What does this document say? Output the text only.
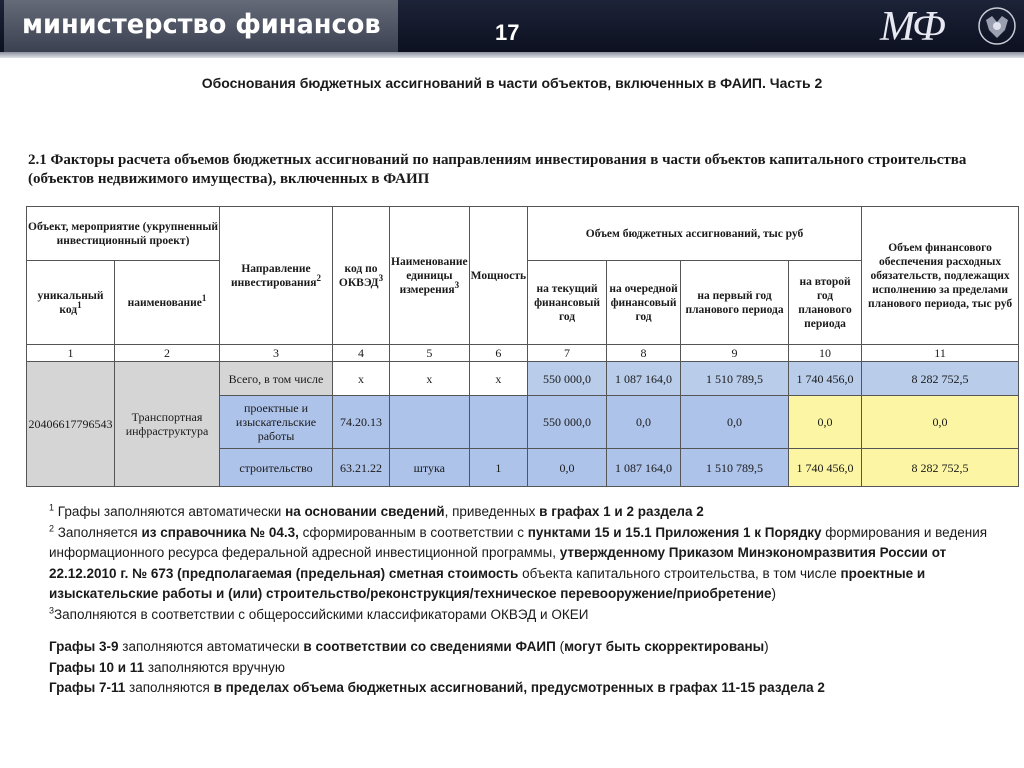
министерство финансов	17	МФ
Обоснования бюджетных ассигнований в части объектов, включенных в ФАИП. Часть 2
2.1 Факторы расчета объемов бюджетных ассигнований по направлениям инвестирования в части объектов капитального строительства (объектов недвижимого имущества), включенных в ФАИП
Объект, мероприятие (укрупненный инвестиционный проект)		Направление инвестирования$^2$	код по ОКВЭД$^3$	Наименование единицы измерения$^3$	Мощность	Объем бюджетных ассигнований, тыс руб				Объем финансового обеспечения расходных обязательств, подлежащих исполнению за пределами планового периода, тыс руб
уникальный код$^1$	наименование$^1$					на текущий финансовый год	на очередной финансовый год	на первый год планового периода	на второй год планового периода	
1	2	3	4	5	6	7	8	9	10	11
20406617796543	Транспортная инфраструктура	Всего, в том числе	х	х	х	550 000,0	1 087 164,0	1 510 789,5	1 740 456,0	8 282 752,5
		проектные и изыскательские работы	74.20.13			550 000,0	0,0	0,0	0,0	0,0
		строительство	63.21.22	штука	1	0,0	1 087 164,0	1 510 789,5	1 740 456,0	8 282 752,5

$^1$ Графы заполняются автоматически на основании сведений, приведенных в графах 1 и 2 раздела 2

$^2$ Заполняется из справочника № 04.3, сформированным в соответствии с пунктами 15 и 15.1 Приложения 1 к Порядку формирования и ведения информационного ресурса федеральной адресной инвестиционной программы, утвержденному Приказом Минэкономразвития России от 22.12.2010 г. № 673 (предполагаемая (предельная) сметная стоимость объекта капитального строительства, в том числе проектные и изыскательские работы и (или) строительство/реконструкция/техническое перевооружение/приобретение)

$^3$Заполняются в соответствии с общероссийскими классификаторами ОКВЭД и ОКЕИ

Графы 3-9 заполняются автоматически в соответствии со сведениями ФАИП (могут быть скорректированы)

Графы 10 и 11 заполняются вручную

Графы 7-11 заполняются в пределах объема бюджетных ассигнований, предусмотренных в графах 11-15 раздела 2
